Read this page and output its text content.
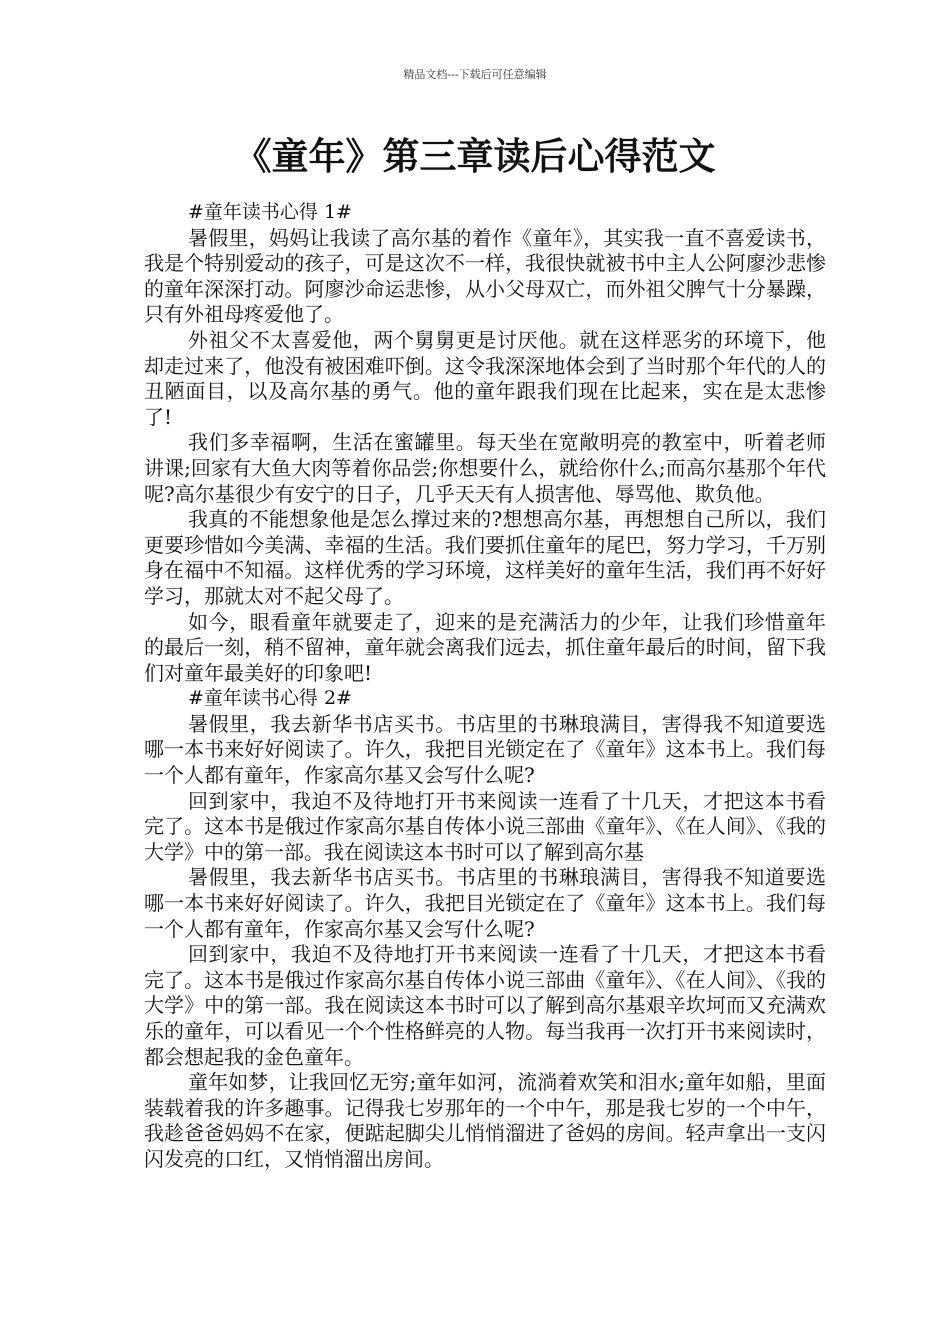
精品文档---下载后可任意编辑
《童年》第三章读后心得范文

#童年读书心得 1#

暑假里，妈妈让我读了高尔基的着作《童年》，其实我一直不喜爱读书，我是个特别爱动的孩子，可是这次不一样，我很快就被书中主人公阿廖沙悲惨的童年深深打动。阿廖沙命运悲惨，从小父母双亡，而外祖父脾气十分暴躁，只有外祖母疼爱他了。

外祖父不太喜爱他，两个舅舅更是讨厌他。就在这样恶劣的环境下，他却走过来了，他没有被困难吓倒。这令我深深地体会到了当时那个年代的人的丑陋面目，以及高尔基的勇气。他的童年跟我们现在比起来，实在是太悲惨了!

我们多幸福啊，生活在蜜罐里。每天坐在宽敞明亮的教室中，听着老师讲课;回家有大鱼大肉等着你品尝;你想要什么，就给你什么;而高尔基那个年代呢?高尔基很少有安宁的日子，几乎天天有人损害他、辱骂他、欺负他。

我真的不能想象他是怎么撑过来的?想想高尔基，再想想自己所以，我们更要珍惜如今美满、幸福的生活。我们要抓住童年的尾巴，努力学习，千万别身在福中不知福。这样优秀的学习环境，这样美好的童年生活，我们再不好好学习，那就太对不起父母了。

如今，眼看童年就要走了，迎来的是充满活力的少年，让我们珍惜童年的最后一刻，稍不留神，童年就会离我们远去，抓住童年最后的时间，留下我们对童年最美好的印象吧!

#童年读书心得 2#

暑假里，我去新华书店买书。书店里的书琳琅满目，害得我不知道要选哪一本书来好好阅读了。许久，我把目光锁定在了《童年》这本书上。我们每一个人都有童年，作家高尔基又会写什么呢?

回到家中，我迫不及待地打开书来阅读一连看了十几天，才把这本书看完了。这本书是俄过作家高尔基自传体小说三部曲《童年》、《在人间》、《我的大学》中的第一部。我在阅读这本书时可以了解到高尔基

暑假里，我去新华书店买书。书店里的书琳琅满目，害得我不知道要选哪一本书来好好阅读了。许久，我把目光锁定在了《童年》这本书上。我们每一个人都有童年，作家高尔基又会写什么呢?

回到家中，我迫不及待地打开书来阅读一连看了十几天，才把这本书看完了。这本书是俄过作家高尔基自传体小说三部曲《童年》、《在人间》、《我的大学》中的第一部。我在阅读这本书时可以了解到高尔基艰辛坎坷而又充满欢乐的童年，可以看见一个个性格鲜亮的人物。每当我再一次打开书来阅读时，都会想起我的金色童年。

童年如梦，让我回忆无穷;童年如河，流淌着欢笑和泪水;童年如船，里面装载着我的许多趣事。记得我七岁那年的一个中午，那是我七岁的一个中午，我趁爸爸妈妈不在家，便踮起脚尖儿悄悄溜进了爸妈的房间。轻声拿出一支闪闪发亮的口红，又悄悄溜出房间。
